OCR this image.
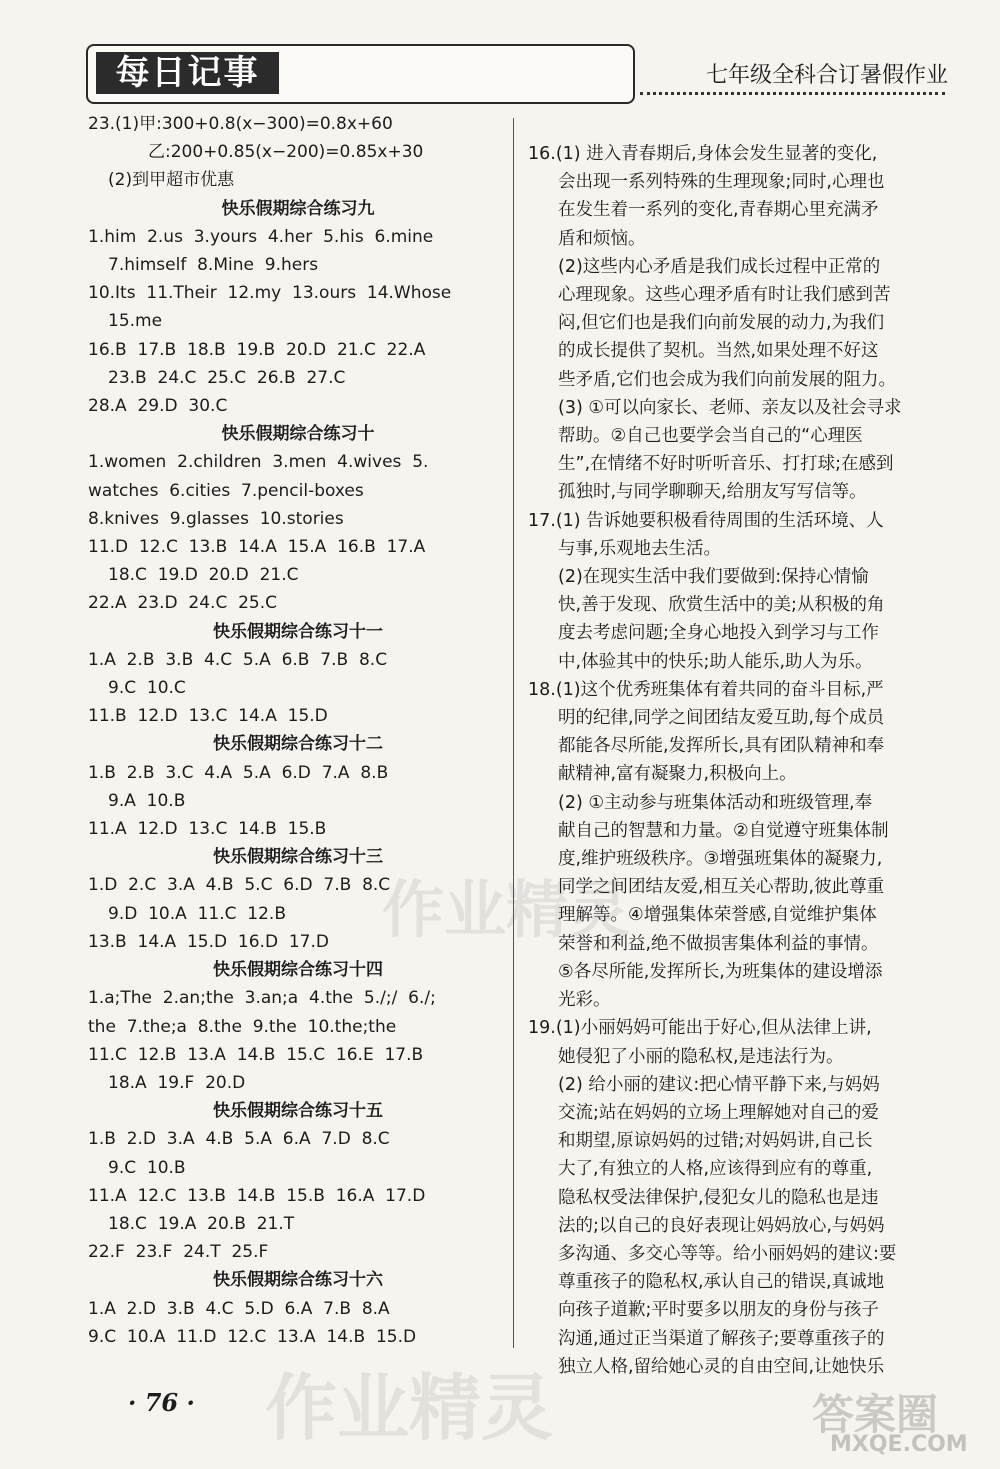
每日记事	七年级全科合订暑假作业
23.(1)甲:300+0.8(x−300)=0.8x+60
乙:200+0.85(x−200)=0.85x+30
(2)到甲超市优惠
快乐假期综合练习九
1.him  2.us  3.yours  4.her  5.his  6.mine
7.himself  8.Mine  9.hers
10.Its  11.Their  12.my  13.ours  14.Whose
15.me
16.B  17.B  18.B  19.B  20.D  21.C  22.A
23.B  24.C  25.C  26.B  27.C
28.A  29.D  30.C
快乐假期综合练习十
1.women  2.children  3.men  4.wives  5.
watches  6.cities  7.pencil-boxes
8.knives  9.glasses  10.stories
11.D  12.C  13.B  14.A  15.A  16.B  17.A
18.C  19.D  20.D  21.C
22.A  23.D  24.C  25.C
快乐假期综合练习十一
1.A  2.B  3.B  4.C  5.A  6.B  7.B  8.C
9.C  10.C
11.B  12.D  13.C  14.A  15.D
快乐假期综合练习十二
1.B  2.B  3.C  4.A  5.A  6.D  7.A  8.B
9.A  10.B
11.A  12.D  13.C  14.B  15.B
快乐假期综合练习十三
1.D  2.C  3.A  4.B  5.C  6.D  7.B  8.C
9.D  10.A  11.C  12.B
13.B  14.A  15.D  16.D  17.D
快乐假期综合练习十四
1.a;The  2.an;the  3.an;a  4.the  5./;/  6./;
the  7.the;a  8.the  9.the  10.the;the
11.C  12.B  13.A  14.B  15.C  16.E  17.B
18.A  19.F  20.D
快乐假期综合练习十五
1.B  2.D  3.A  4.B  5.A  6.A  7.D  8.C
9.C  10.B
11.A  12.C  13.B  14.B  15.B  16.A  17.D
18.C  19.A  20.B  21.T
22.F  23.F  24.T  25.F
快乐假期综合练习十六
1.A  2.D  3.B  4.C  5.D  6.A  7.B  8.A
9.C  10.A  11.D  12.C  13.A  14.B  15.D
16.(1) 进入青春期后,身体会发生显著的变化,
会出现一系列特殊的生理现象;同时,心理也
在发生着一系列的变化,青春期心里充满矛
盾和烦恼。
(2)这些内心矛盾是我们成长过程中正常的
心理现象。这些心理矛盾有时让我们感到苦
闷,但它们也是我们向前发展的动力,为我们
的成长提供了契机。当然,如果处理不好这
些矛盾,它们也会成为我们向前发展的阻力。
(3) ①可以向家长、老师、亲友以及社会寻求
帮助。②自己也要学会当自己的“心理医
生”,在情绪不好时听听音乐、打打球;在感到
孤独时,与同学聊聊天,给朋友写写信等。
17.(1) 告诉她要积极看待周围的生活环境、人
与事,乐观地去生活。
(2)在现实生活中我们要做到:保持心情愉
快,善于发现、欣赏生活中的美;从积极的角
度去考虑问题;全身心地投入到学习与工作
中,体验其中的快乐;助人能乐,助人为乐。
18.(1)这个优秀班集体有着共同的奋斗目标,严
明的纪律,同学之间团结友爱互助,每个成员
都能各尽所能,发挥所长,具有团队精神和奉
献精神,富有凝聚力,积极向上。
(2) ①主动参与班集体活动和班级管理,奉
献自己的智慧和力量。②自觉遵守班集体制
度,维护班级秩序。③增强班集体的凝聚力,
同学之间团结友爱,相互关心帮助,彼此尊重
理解等。④增强集体荣誉感,自觉维护集体
荣誉和利益,绝不做损害集体利益的事情。
⑤各尽所能,发挥所长,为班集体的建设增添
光彩。
19.(1)小丽妈妈可能出于好心,但从法律上讲,
她侵犯了小丽的隐私权,是违法行为。
(2) 给小丽的建议:把心情平静下来,与妈妈
交流;站在妈妈的立场上理解她对自己的爱
和期望,原谅妈妈的过错;对妈妈讲,自己长
大了,有独立的人格,应该得到应有的尊重,
隐私权受法律保护,侵犯女儿的隐私也是违
法的;以自己的良好表现让妈妈放心,与妈妈
多沟通、多交心等等。给小丽妈妈的建议:要
尊重孩子的隐私权,承认自己的错误,真诚地
向孩子道歉;平时要多以朋友的身份与孩子
沟通,通过正当渠道了解孩子;要尊重孩子的
独立人格,留给她心灵的自由空间,让她快乐
· 76 ·
作业精灵
作业精灵	答案圈
MXQE.COM
